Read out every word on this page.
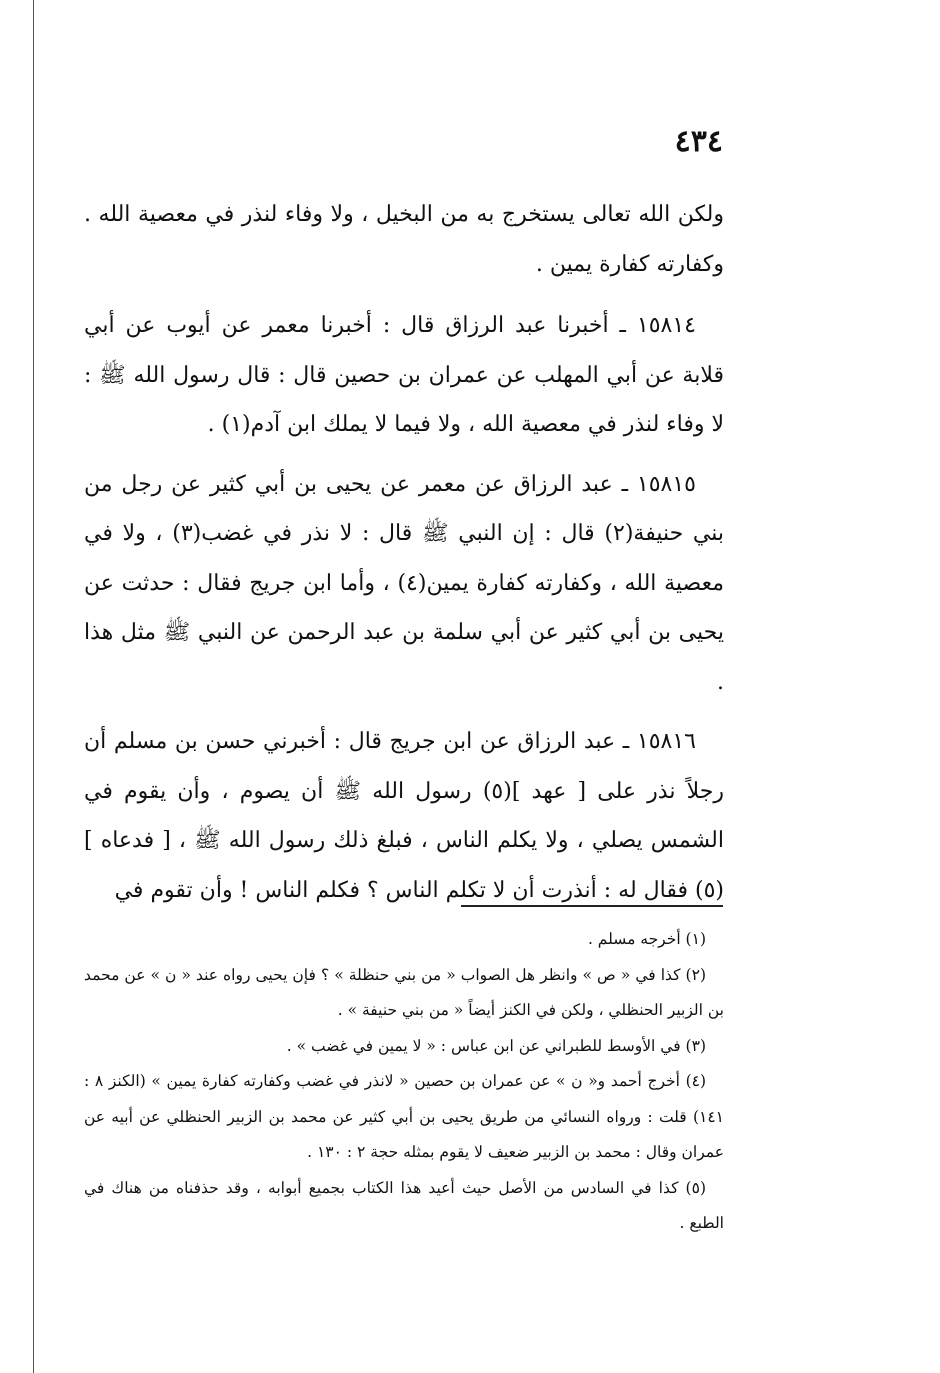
٤٣٤

ولكن الله تعالى يستخرج به من البخيل ، ولا وفاء لنذر في معصية الله . وكفارته كفارة يمين .

١٥٨١٤ ـ أخبرنا عبد الرزاق قال : أخبرنا معمر عن أيوب عن أبي قلابة عن أبي المهلب عن عمران بن حصين قال : قال رسول الله ﷺ : لا وفاء لنذر في معصية الله ، ولا فيما لا يملك ابن آدم(١) .

١٥٨١٥ ـ عبد الرزاق عن معمر عن يحيى بن أبي كثير عن رجل من بني حنيفة(٢) قال : إن النبي ﷺ قال : لا نذر في غضب(٣) ، ولا في معصية الله ، وكفارته كفارة يمين(٤) ، وأما ابن جريج فقال : حدثت عن يحيى بن أبي كثير عن أبي سلمة بن عبد الرحمن عن النبي ﷺ مثل هذا .

١٥٨١٦ ـ عبد الرزاق عن ابن جريج قال : أخبرني حسن بن مسلم أن رجلاً نذر على [ عهد ](٥) رسول الله ﷺ أن يصوم ، وأن يقوم في الشمس يصلي ، ولا يكلم الناس ، فبلغ ذلك رسول الله ﷺ ، [ فدعاه ](٥) فقال له : أنذرت أن لا تكلم الناس ؟ فكلم الناس ! وأن تقوم في

(١) أخرجه مسلم .

(٢) كذا في « ص » وانظر هل الصواب « من بني حنظلة » ؟ فإن يحيى رواه عند « ن » عن محمد بن الزبير الحنظلي ، ولكن في الكنز أيضاً « من بني حنيفة » .

(٣) في الأوسط للطبراني عن ابن عباس : « لا يمين في غضب » .

(٤) أخرج أحمد و« ن » عن عمران بن حصين « لانذر في غضب وكفارته كفارة يمين » (الكنز ٨ : ١٤١) قلت : ورواه النسائي من طريق يحيى بن أبي كثير عن محمد بن الزبير الحنظلي عن أبيه عن عمران وقال : محمد بن الزبير ضعيف لا يقوم بمثله حجة ٢ : ١٣٠ .

(٥) كذا في السادس من الأصل حيث أعيد هذا الكتاب بجميع أبوابه ، وقد حذفناه من هناك في الطبع .
